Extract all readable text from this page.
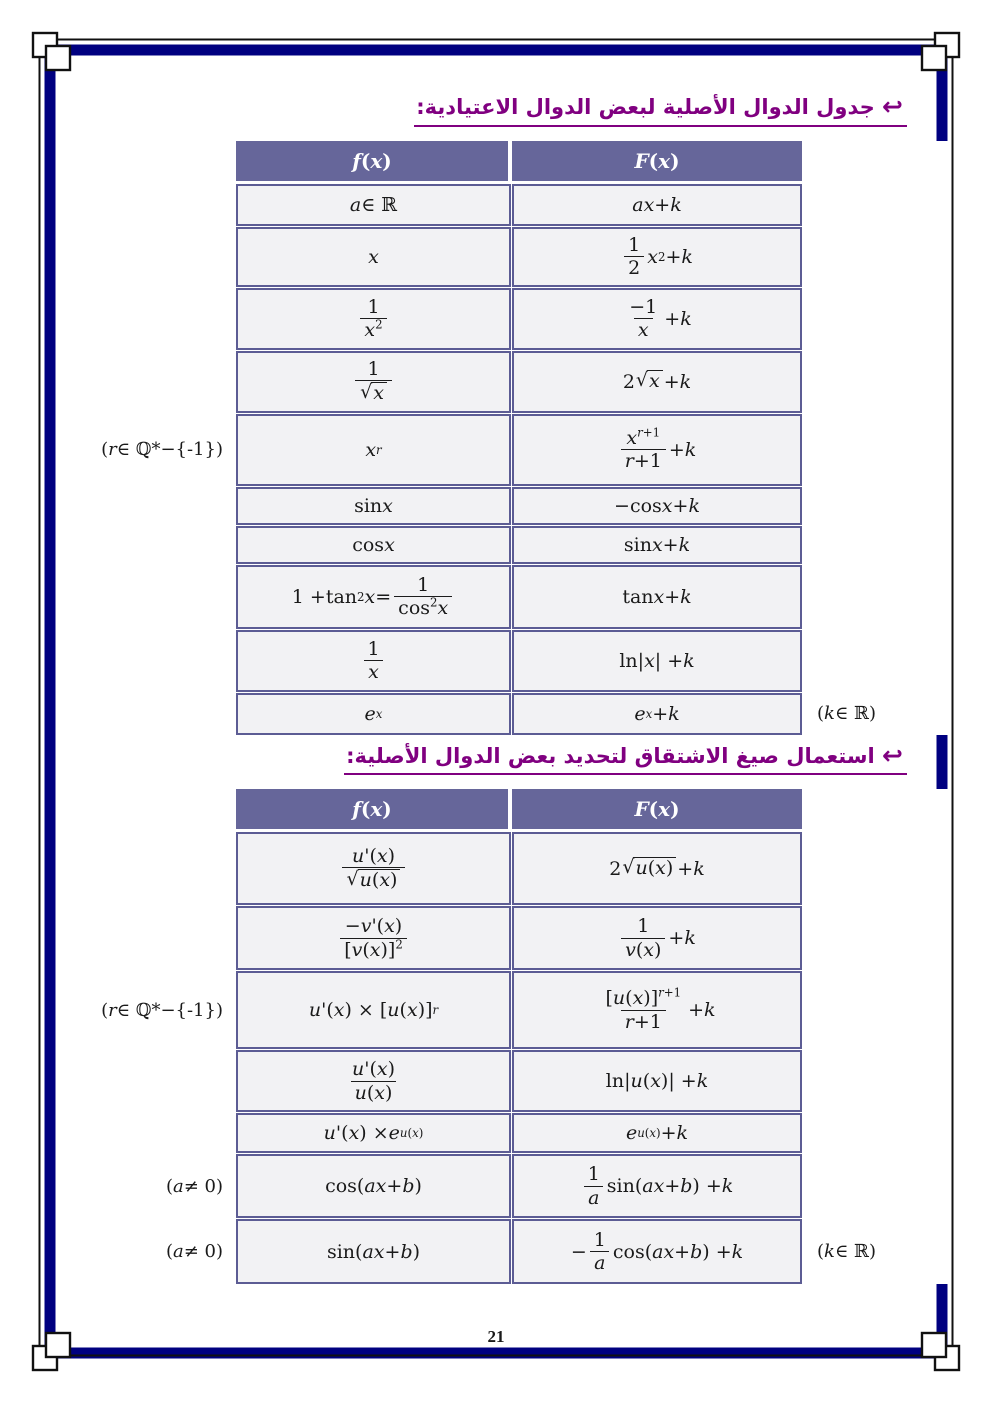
↩ جدول الدوال الأصلية لبعض الدوال الاعتيادية:
f ( x )	F ( x )
a ∈ ℝ	ax + k
x	$\frac{1}{2}$ x 2 + k
$\frac{1}{x^2}$	$\frac{-1}{x} + k$
$\frac{1}{√ x}$	2 √ x + k
( r ∈ ℚ*−{-1})	x r	$\frac{x^{r+1}}{r+1} + k$
sin x	− cos x + k
cos x	sin x + k
1 + tan 2 $x = \frac{1}{\cos^2x}$	tan x + k
$\frac{1}{x}$	ln | x | + k
e x	e x + k	( k ∈ ℝ)
↩ استعمال صيغ الاشتقاق لتحديد بعض الدوال الأصلية:
f ( x )	F ( x )
$\frac{u'(x)}{√ u(x)}$	2 √ u(x) + k
$\frac{-v'(x)}{[v(x)]^2}$	$\frac{1}{v(x)} + k$
( r ∈ ℚ*−{-1})	u '( x ) × [ u ( x )] r	$\frac{[u(x)]^{r+1}}{r+1} + k$
$\frac{u'(x)}{u(x)}$	ln | u ( x )| + k
u '( x ) × e u(x)	e u(x) + k
( a ≠ 0)	cos ( ax + b )	$\frac{1}{a}$ sin ( ax + b ) + k
( a ≠ 0)	sin ( ax + b )	− $\frac{1}{a}$ cos ( ax + b ) + k	( k ∈ ℝ)
21
